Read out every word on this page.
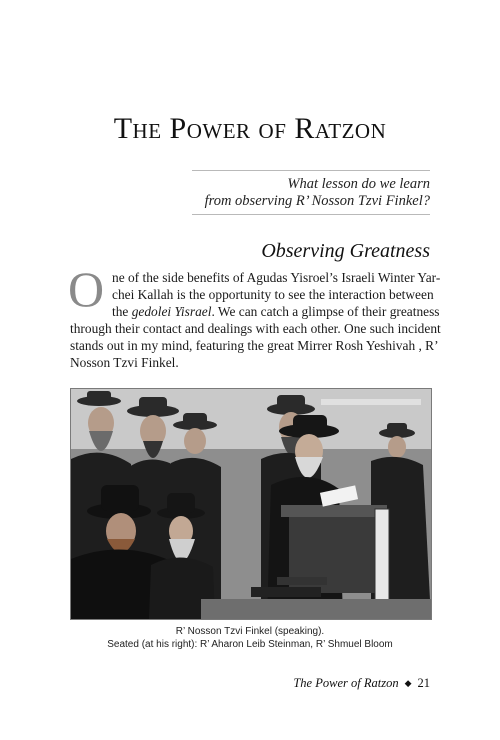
The Power of Ratzon
What lesson do we learn
from observing R’ Nosson Tzvi Finkel?
Observing Greatness
O ne of the side benefits of Agudas Yisroel’s Israeli Winter Yar-
chei Kallah is the opportunity to see the interaction between
the gedolei Yisrael. We can catch a glimpse of their greatness
through their contact and dealings with each other. One such incident
stands out in my mind, featuring the great Mirrer Rosh Yeshivah , R’
Nosson Tzvi Finkel.
R’ Nosson Tzvi Finkel (speaking).
Seated (at his right): R’ Aharon Leib Steinman, R’ Shmuel Bloom
The Power of Ratzon ◆ 21
